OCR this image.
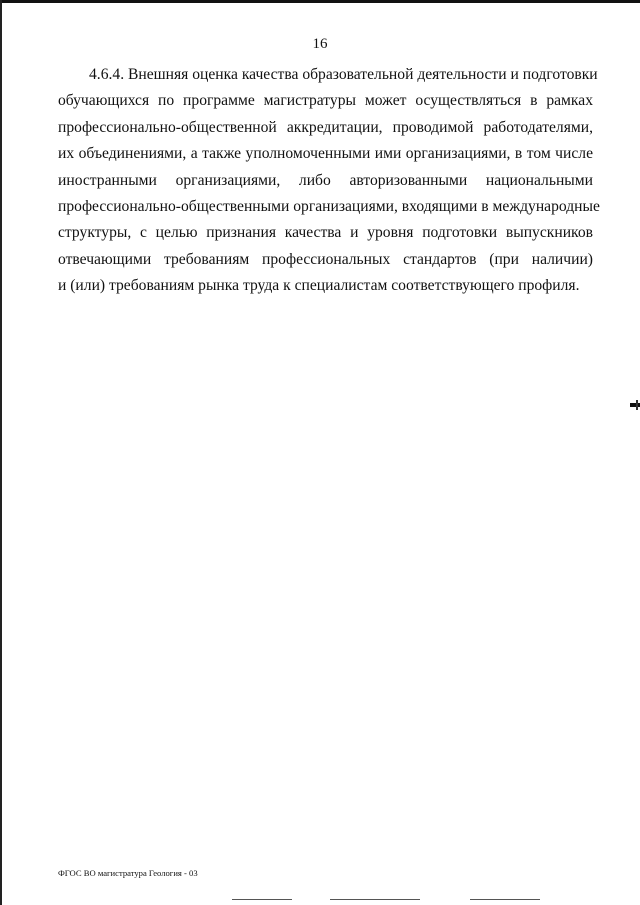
16
4.6.4. Внешняя оценка качества образовательной деятельности и подготовки
обучающихся по программе магистратуры может осуществляться в рамках
профессионально-общественной аккредитации, проводимой работодателями,
их объединениями, а также уполномоченными ими организациями, в том числе
иностранными организациями, либо авторизованными национальными
профессионально-общественными организациями, входящими в международные
структуры, с целью признания качества и уровня подготовки выпускников
отвечающими требованиям профессиональных стандартов (при наличии)
и (или) требованиям рынка труда к специалистам соответствующего профиля.
ФГОС ВО магистратура Геология - 03
